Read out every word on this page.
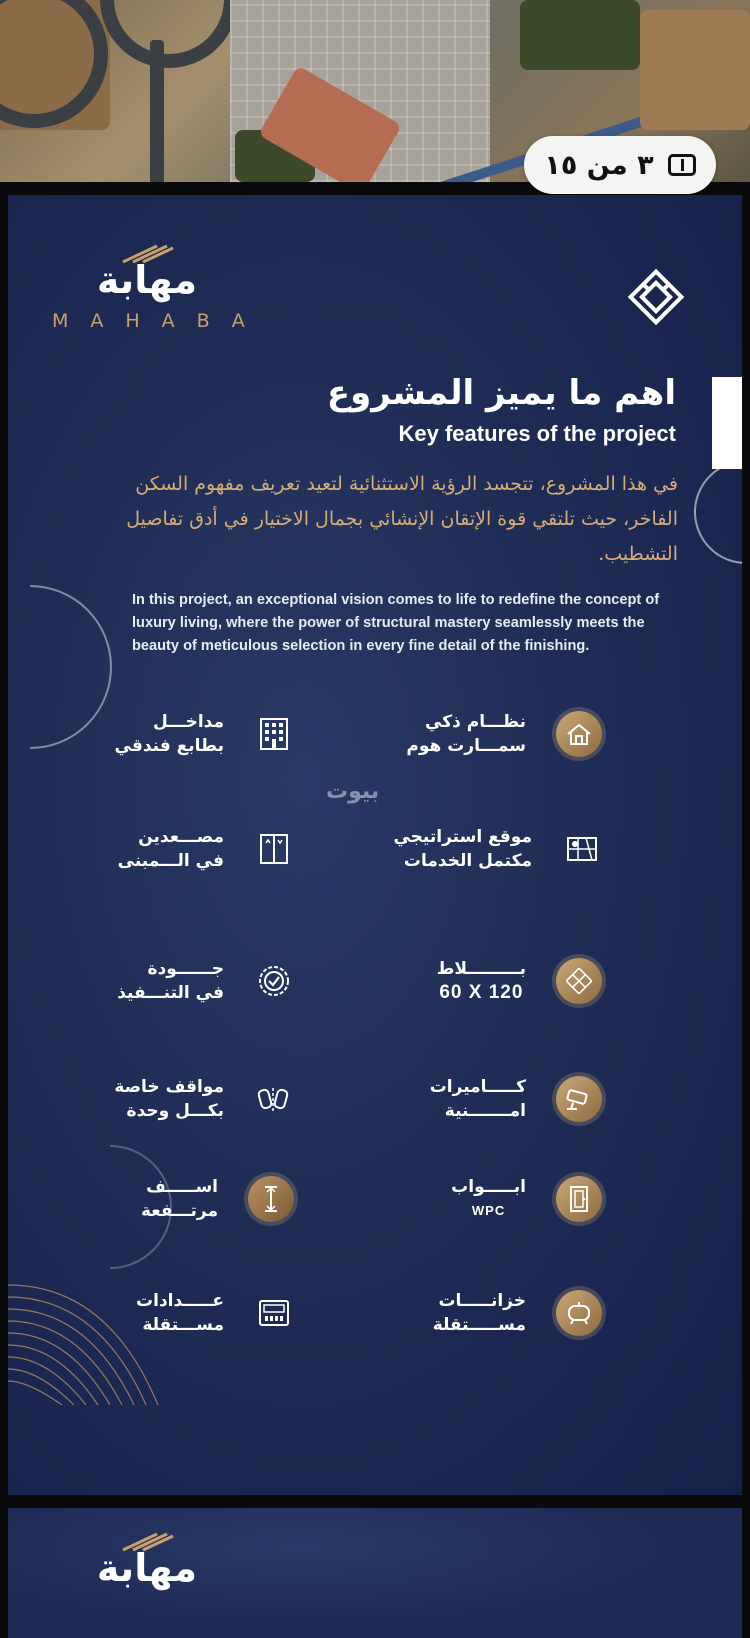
٣ من ١٥
مهابة
MAHABA
اهم ما يميز المشروع
Key features of the project
في هذا المشروع، تتجسد الرؤية الاستثنائية لتعيد تعريف مفهوم السكن الفاخر، حيث تلتقي قوة الإتقان الإنشائي بجمال الاختيار في أدق تفاصيل التشطيب.
In this project, an exceptional vision comes to life to redefine the concept of luxury living, where the power of structural mastery seamlessly meets the beauty of meticulous selection in every fine detail of the finishing.
بيوت
نظـــام ذكي
سمـــارت هوم
مداخـــل
بطابع فندقي
موقع استراتيجي
مكتمل الخدمات
مصـــعدين
في الـــمبنى
بـــــــــلاط
60 X 120
جــــــودة
في التنـــفيذ
كـــــاميرات
امـــــــنية
مواقف خاصة
بكـــل وحدة
ابـــــواب
WPC
اســـــف
مرتـــفعة
خزانـــــات
مســـــتقلة
عـــــدادات
مســـتقلة
مهابة
